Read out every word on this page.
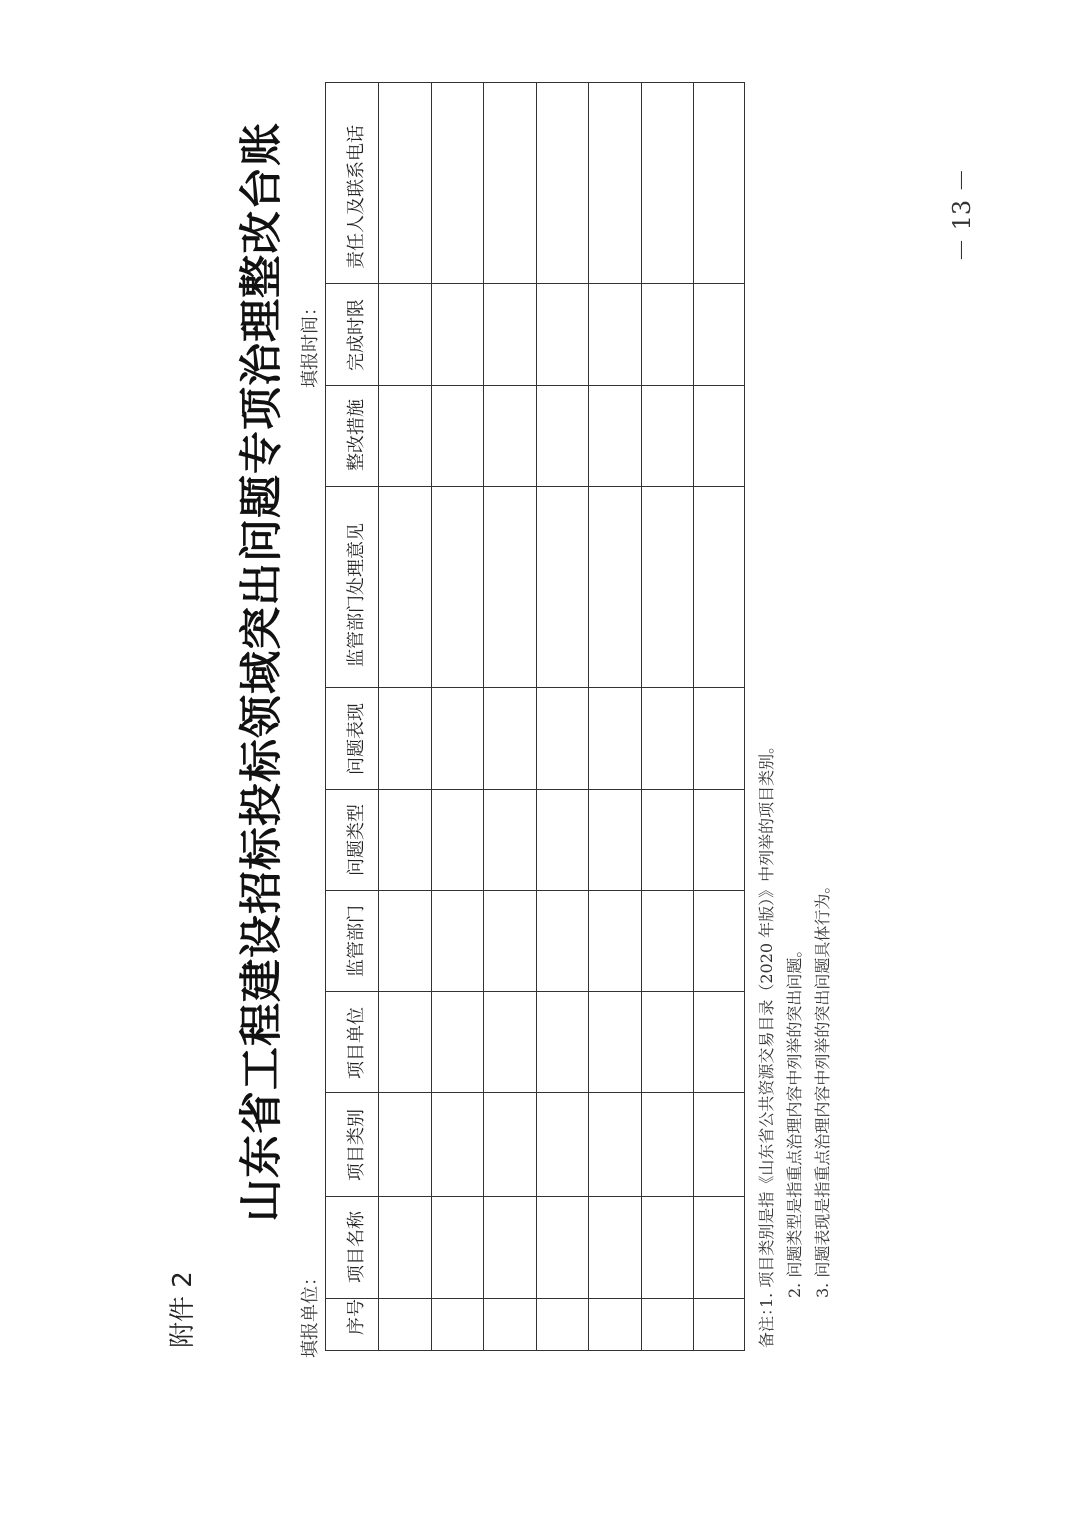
附件 2
山东省工程建设招标投标领域突出问题专项治理整改台账
填报单位：
填报时间：
序号
项目名称
项目类别
项目单位
监管部门
问题类型
问题表现
监管部门处理意见
整改措施
完成时限
责任人及联系电话
备注：
1. 项目类别是指《山东省公共资源交易目录（2020 年版）》中列举的项目类别。 2. 问题类型是指重点治理内容中列举的突出问题。 3. 问题表现是指重点治理内容中列举的突出问题具体行为。
－ 13 －
